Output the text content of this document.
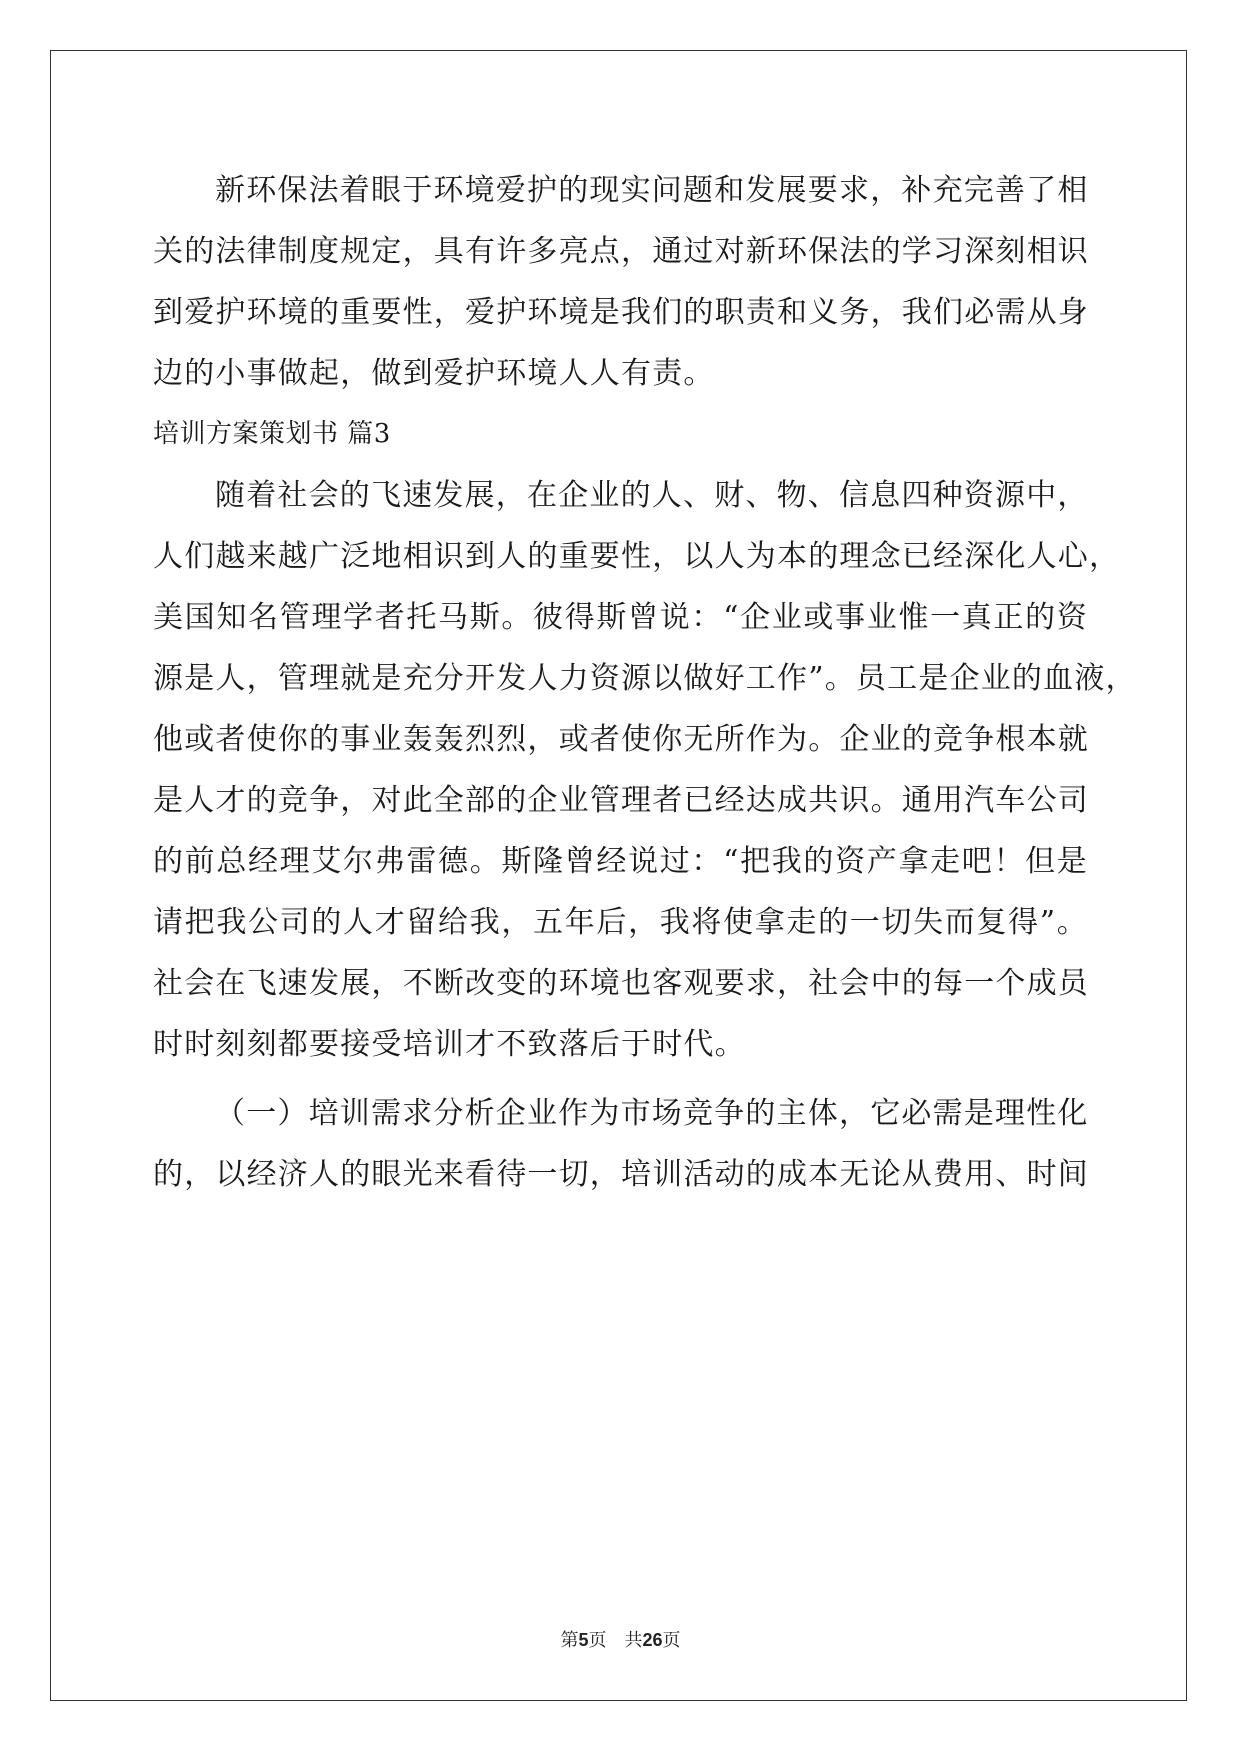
新环保法着眼于环境爱护的现实问题和发展要求，补充完善了相
关的法律制度规定，具有许多亮点，通过对新环保法的学习深刻相识
到爱护环境的重要性，爱护环境是我们的职责和义务，我们必需从身
边的小事做起，做到爱护环境人人有责。
培训方案策划书 篇3
随着社会的飞速发展，在企业的人、财、物、信息四种资源中，
人们越来越广泛地相识到人的重要性，以人为本的理念已经深化人心，
美国知名管理学者托马斯。彼得斯曾说：“企业或事业惟一真正的资
源是人，管理就是充分开发人力资源以做好工作”。员工是企业的血液，
他或者使你的事业轰轰烈烈，或者使你无所作为。企业的竞争根本就
是人才的竞争，对此全部的企业管理者已经达成共识。通用汽车公司
的前总经理艾尔弗雷德。斯隆曾经说过：“把我的资产拿走吧！但是
请把我公司的人才留给我，五年后，我将使拿走的一切失而复得”。
社会在飞速发展，不断改变的环境也客观要求，社会中的每一个成员
时时刻刻都要接受培训才不致落后于时代。
（一）培训需求分析企业作为市场竞争的主体，它必需是理性化
的，以经济人的眼光来看待一切，培训活动的成本无论从费用、时间
第5页　共26页
